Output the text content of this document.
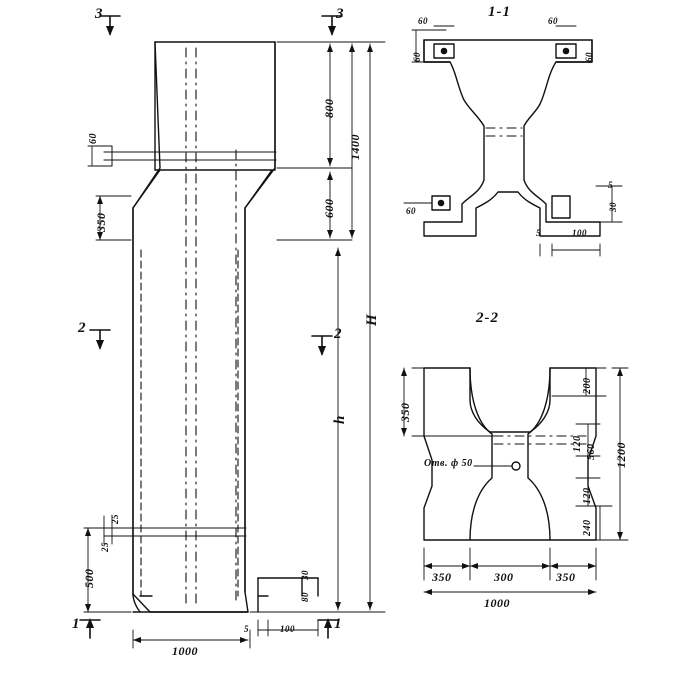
3	3
2	2
1	1
800
1400
600
350
60
500
25
25
1000
5	100
30
80
H
h
1-1
60	60
60	60
60
5	100
30
5
2-2
350
200
120 560
120
240
1200
350	300	350
1000
Отв. ф 50
